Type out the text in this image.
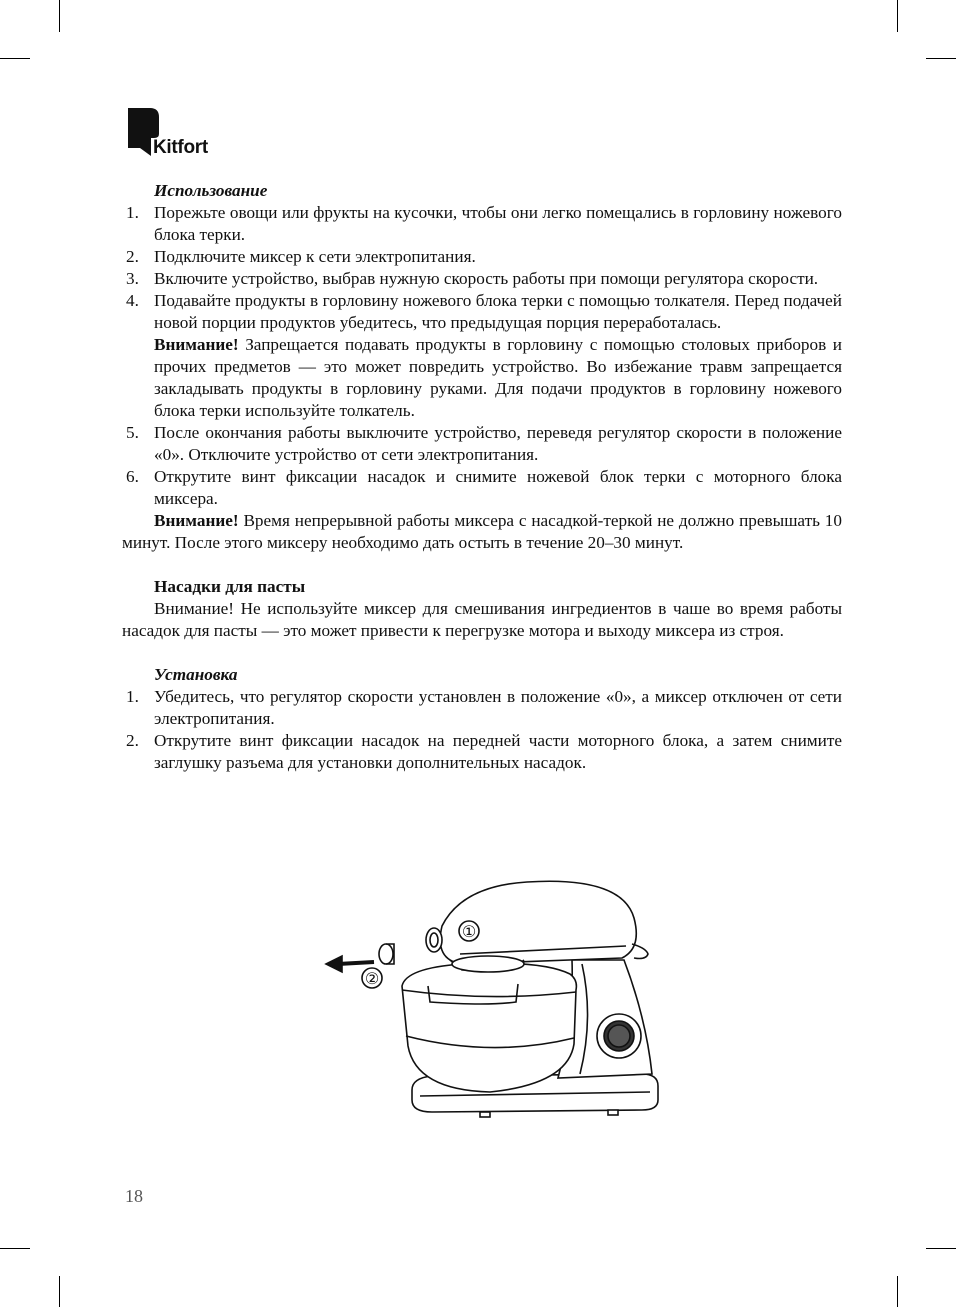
Kitfort

Использование

1. Порежьте овощи или фрукты на кусочки, чтобы они легко помещались в горловину ножевого блока терки.
2. Подключите миксер к сети электропитания.
3. Включите устройство, выбрав нужную скорость работы при помощи регулятора скорости.
4. Подавайте продукты в горловину ножевого блока терки с помощью толкателя. Перед подачей новой порции продуктов убедитесь, что предыдущая порция переработалась.
Внимание! Запрещается подавать продукты в горловину с помощью столовых приборов и прочих предметов — это может повредить устройство. Во избежание травм запрещается закладывать продукты в горловину руками. Для подачи продуктов в горловину ножевого блока терки используйте толкатель.
5. После окончания работы выключите устройство, переведя регулятор скорости в положение «0». Отключите устройство от сети электропитания.
6. Открутите винт фиксации насадок и снимите ножевой блок терки с моторного блока миксера.

Внимание! Время непрерывной работы миксера с насадкой-теркой не должно превышать 10 минут. После этого миксеру необходимо дать остыть в течение 20–30 минут.

Насадки для пасты

Внимание! Не используйте миксер для смешивания ингредиентов в чаше во время работы насадок для пасты — это может привести к перегрузке мотора и выходу миксера из строя.

Установка

1. Убедитесь, что регулятор скорости установлен в положение «0», а миксер отключен от сети электропитания.
2. Открутите винт фиксации насадок на передней части моторного блока, а затем снимите заглушку разъема для установки дополнительных насадок.
①
②
18
